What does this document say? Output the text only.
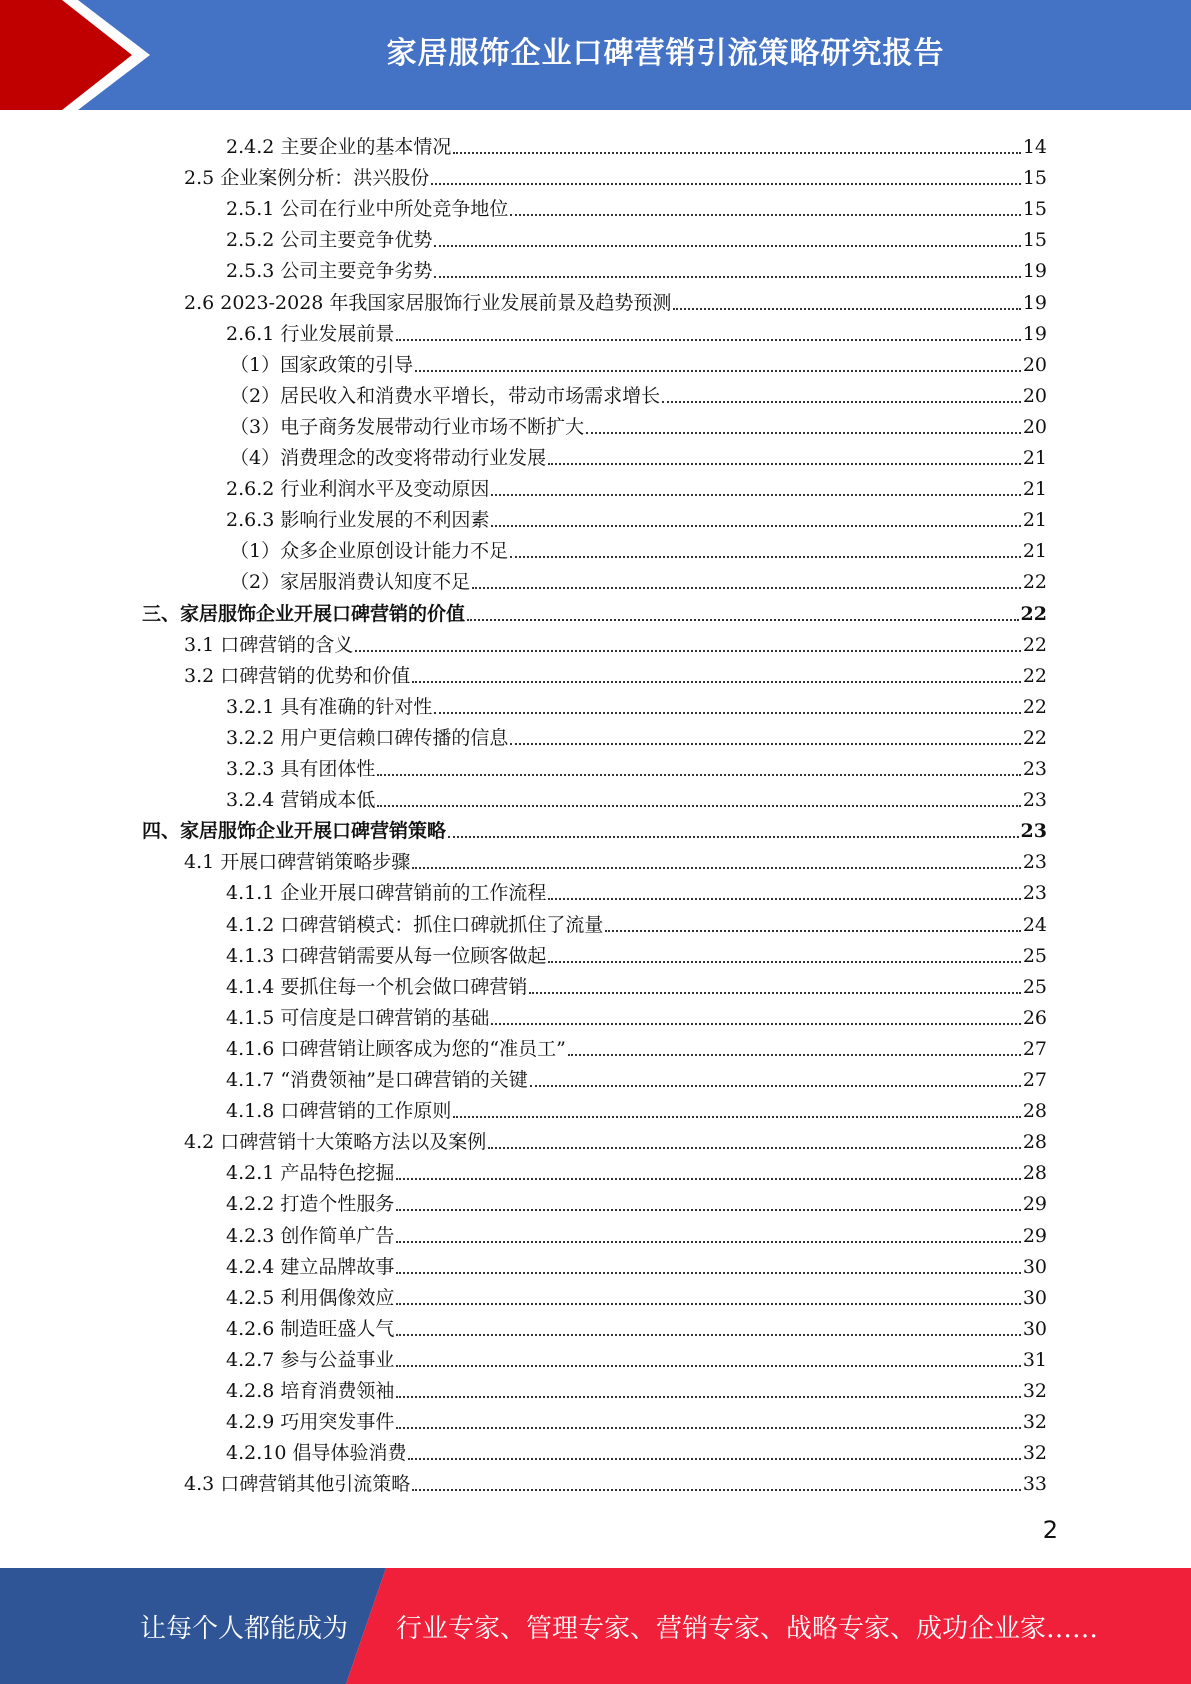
家居服饰企业口碑营销引流策略研究报告
2.4.2 主要企业的基本情况	14
2.5 企业案例分析：洪兴股份	15
2.5.1 公司在行业中所处竞争地位	15
2.5.2 公司主要竞争优势	15
2.5.3 公司主要竞争劣势	19
2.6 2023-2028 年我国家居服饰行业发展前景及趋势预测	19
2.6.1 行业发展前景	19
（1）国家政策的引导	20
（2）居民收入和消费水平增长，带动市场需求增长	20
（3）电子商务发展带动行业市场不断扩大	20
（4）消费理念的改变将带动行业发展	21
2.6.2 行业利润水平及变动原因	21
2.6.3 影响行业发展的不利因素	21
（1）众多企业原创设计能力不足	21
（2）家居服消费认知度不足	22
三、家居服饰企业开展口碑营销的价值	22
3.1 口碑营销的含义	22
3.2 口碑营销的优势和价值	22
3.2.1 具有准确的针对性	22
3.2.2 用户更信赖口碑传播的信息	22
3.2.3 具有团体性	23
3.2.4 营销成本低	23
四、家居服饰企业开展口碑营销策略	23
4.1 开展口碑营销策略步骤	23
4.1.1 企业开展口碑营销前的工作流程	23
4.1.2 口碑营销模式：抓住口碑就抓住了流量	24
4.1.3 口碑营销需要从每一位顾客做起	25
4.1.4 要抓住每一个机会做口碑营销	25
4.1.5 可信度是口碑营销的基础	26
4.1.6 口碑营销让顾客成为您的“准员工”	27
4.1.7 “消费领袖”是口碑营销的关键	27
4.1.8 口碑营销的工作原则	28
4.2 口碑营销十大策略方法以及案例	28
4.2.1 产品特色挖掘	28
4.2.2 打造个性服务	29
4.2.3 创作简单广告	29
4.2.4 建立品牌故事	30
4.2.5 利用偶像效应	30
4.2.6 制造旺盛人气	30
4.2.7 参与公益事业	31
4.2.8 培育消费领袖	32
4.2.9 巧用突发事件	32
4.2.10 倡导体验消费	32
4.3 口碑营销其他引流策略	33
2
让每个人都能成为 行业专家、管理专家、营销专家、战略专家、成功企业家……
